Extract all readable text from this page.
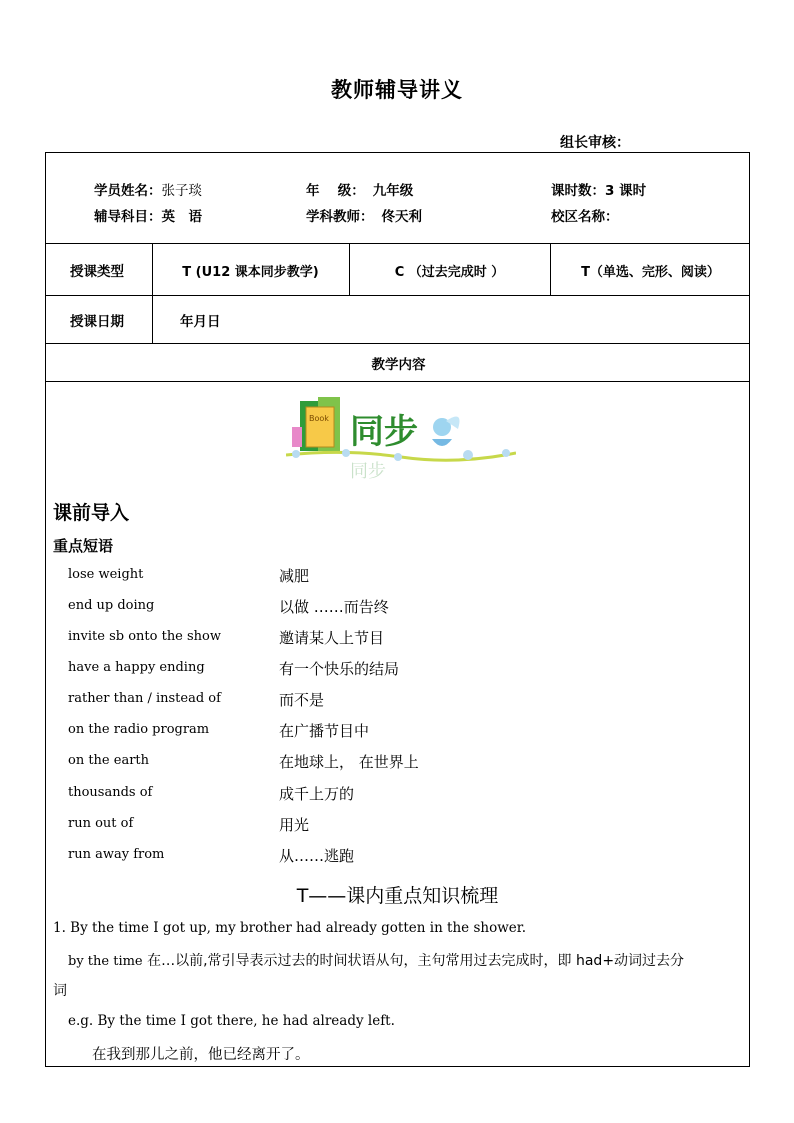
教师辅导讲义
组长审核：
学员姓名：张子琰	年　 级： 九年级	课时数：3 课时
辅导科目：英　语	学科教师： 佟天利	校区名称：
授课类型	T (U12 课本同步教学)	C （过去完成时 ）	T（单选、完形、阅读）
授课日期	年月日
教学内容
Book 同步
同步
课前导入
重点短语
lose weight	减肥
end up doing	以做 ……而告终
invite sb onto the show	邀请某人上节目
have a happy ending	有一个快乐的结局
rather than / instead of	而不是
on the radio program	在广播节目中
on the earth	在地球上， 在世界上
thousands of	成千上万的
run out of	用光
run away from	从……逃跑
T——课内重点知识梳理
1. By the time I got up, my brother had already gotten in the shower.
by the time 在…以前,常引导表示过去的时间状语从句，主句常用过去完成时，即 had+动词过去分
词
e.g. By the time I got there, he had already left.
在我到那儿之前，他已经离开了。
